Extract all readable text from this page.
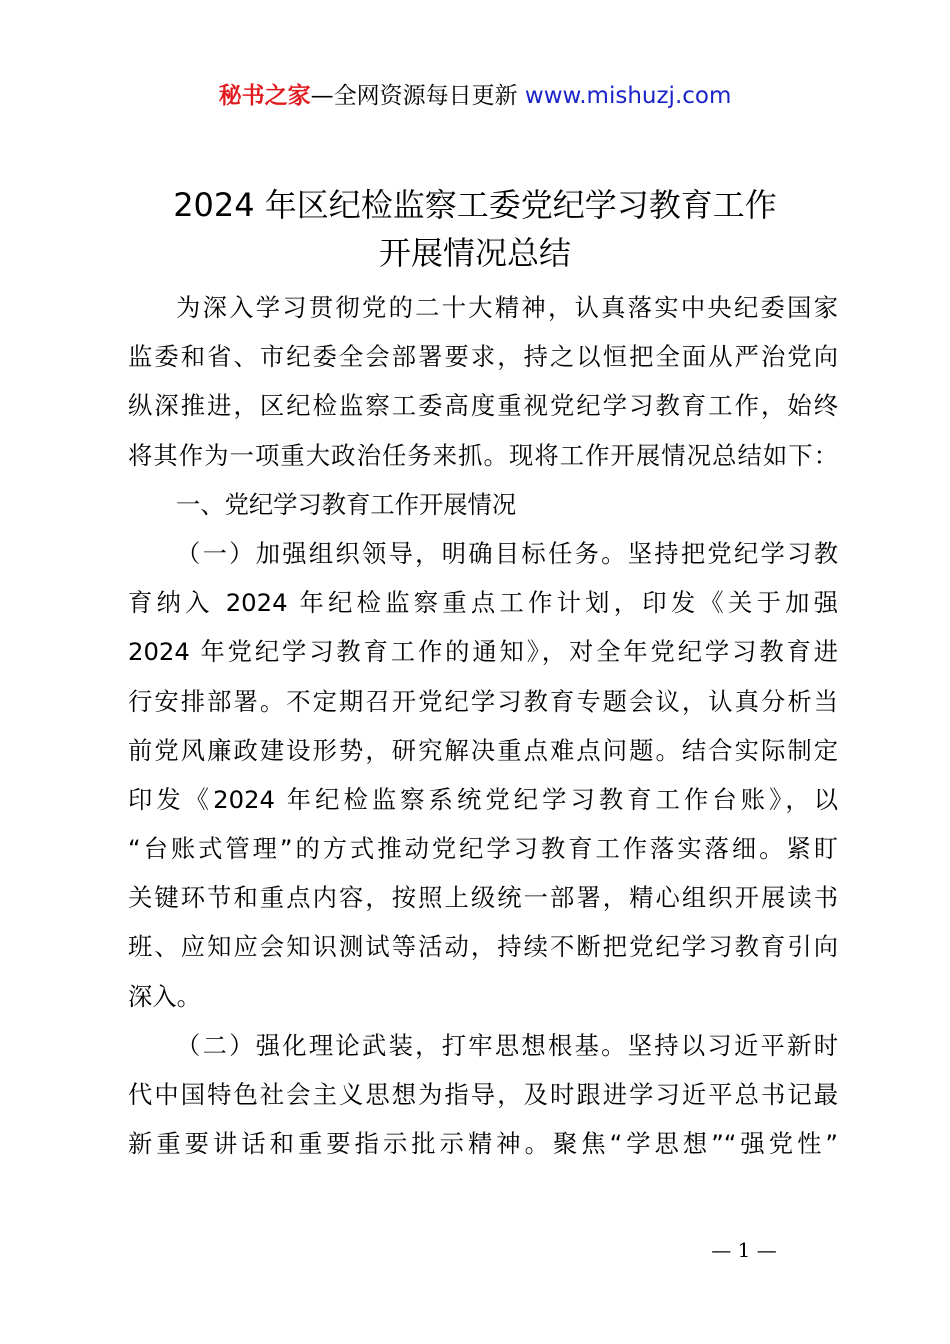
秘书之家—全网资源每日更新 www.mishuzj.com
2024 年区纪检监察工委党纪学习教育工作
开展情况总结
为深入学习贯彻党的二十大精神，认真落实中央纪委国家
监委和省、市纪委全会部署要求，持之以恒把全面从严治党向
纵深推进，区纪检监察工委高度重视党纪学习教育工作，始终
将其作为一项重大政治任务来抓。现将工作开展情况总结如下：
一、党纪学习教育工作开展情况
（一）加强组织领导，明确目标任务。坚持把党纪学习教
育纳入 2024 年纪检监察重点工作计划，印发《关于加强
2024 年党纪学习教育工作的通知》，对全年党纪学习教育进
行安排部署。不定期召开党纪学习教育专题会议，认真分析当
前党风廉政建设形势，研究解决重点难点问题。结合实际制定
印发《2024 年纪检监察系统党纪学习教育工作台账》，以
“台账式管理”的方式推动党纪学习教育工作落实落细。紧盯
关键环节和重点内容，按照上级统一部署，精心组织开展读书
班、应知应会知识测试等活动，持续不断把党纪学习教育引向
深入。
（二）强化理论武装，打牢思想根基。坚持以习近平新时
代中国特色社会主义思想为指导，及时跟进学习近平总书记最
新重要讲话和重要指示批示精神。聚焦“学思想”“强党性”
— 1 —
